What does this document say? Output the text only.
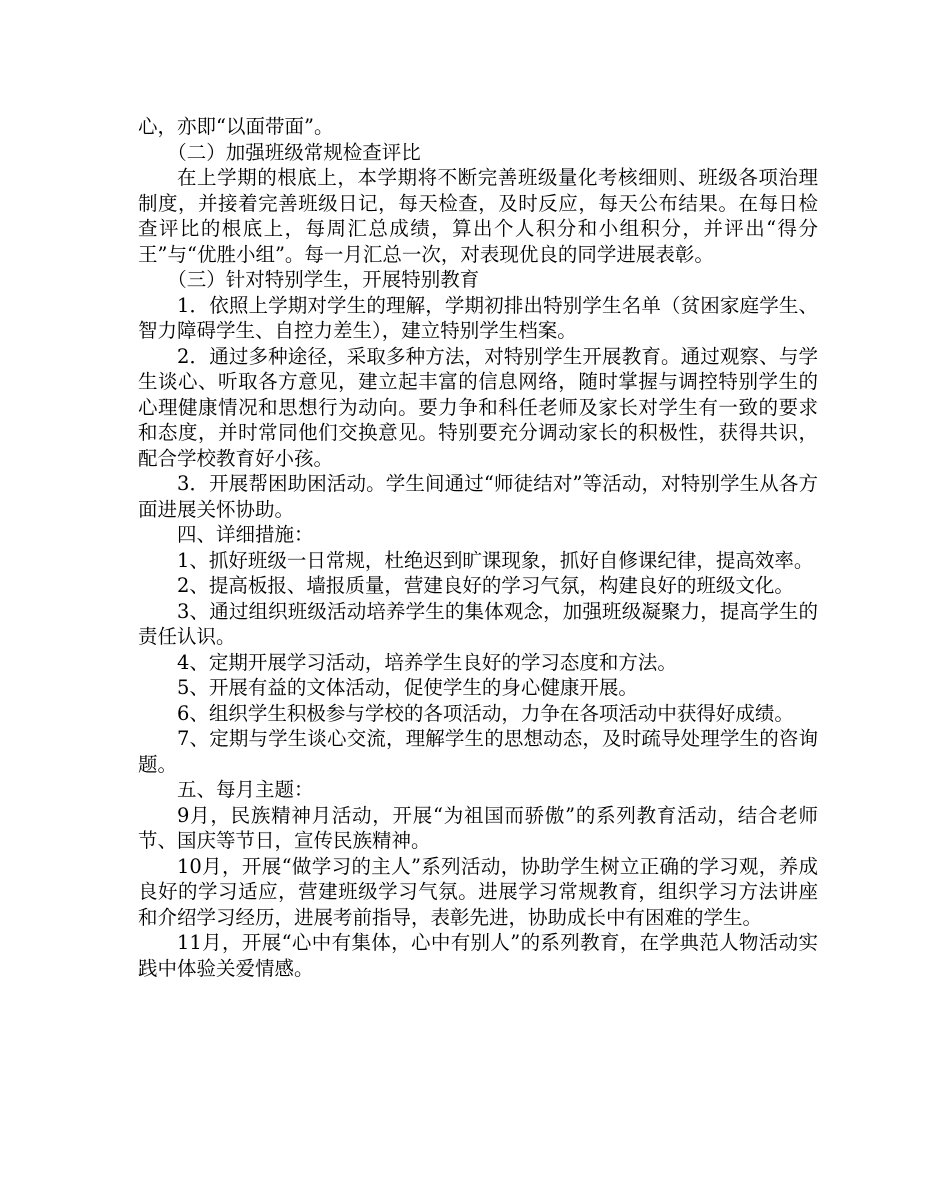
心，亦即“以面带面”。

（二）加强班级常规检查评比

在上学期的根底上，本学期将不断完善班级量化考核细则、班级各项治理制度，并接着完善班级日记，每天检查，及时反应，每天公布结果。在每日检查评比的根底上，每周汇总成绩，算出个人积分和小组积分，并评出“得分王”与“优胜小组”。每一月汇总一次，对表现优良的同学进展表彰。

（三）针对特别学生，开展特别教育

1．依照上学期对学生的理解，学期初排出特别学生名单（贫困家庭学生、智力障碍学生、自控力差生），建立特别学生档案。

2．通过多种途径，采取多种方法，对特别学生开展教育。通过观察、与学生谈心、听取各方意见，建立起丰富的信息网络，随时掌握与调控特别学生的心理健康情况和思想行为动向。要力争和科任老师及家长对学生有一致的要求和态度，并时常同他们交换意见。特别要充分调动家长的积极性，获得共识，配合学校教育好小孩。

3．开展帮困助困活动。学生间通过“师徒结对”等活动，对特别学生从各方面进展关怀协助。

四、详细措施：

1、抓好班级一日常规，杜绝迟到旷课现象，抓好自修课纪律，提高效率。

2、提高板报、墙报质量，营建良好的学习气氛，构建良好的班级文化。

3、通过组织班级活动培养学生的集体观念，加强班级凝聚力，提高学生的责任认识。

4、定期开展学习活动，培养学生良好的学习态度和方法。

5、开展有益的文体活动，促使学生的身心健康开展。

6、组织学生积极参与学校的各项活动，力争在各项活动中获得好成绩。

7、定期与学生谈心交流，理解学生的思想动态，及时疏导处理学生的咨询题。

五、每月主题：

9月，民族精神月活动，开展“为祖国而骄傲”的系列教育活动，结合老师节、国庆等节日，宣传民族精神。

10月，开展“做学习的主人”系列活动，协助学生树立正确的学习观，养成良好的学习适应，营建班级学习气氛。进展学习常规教育，组织学习方法讲座和介绍学习经历，进展考前指导，表彰先进，协助成长中有困难的学生。

11月，开展“心中有集体，心中有别人”的系列教育，在学典范人物活动实践中体验关爱情感。
